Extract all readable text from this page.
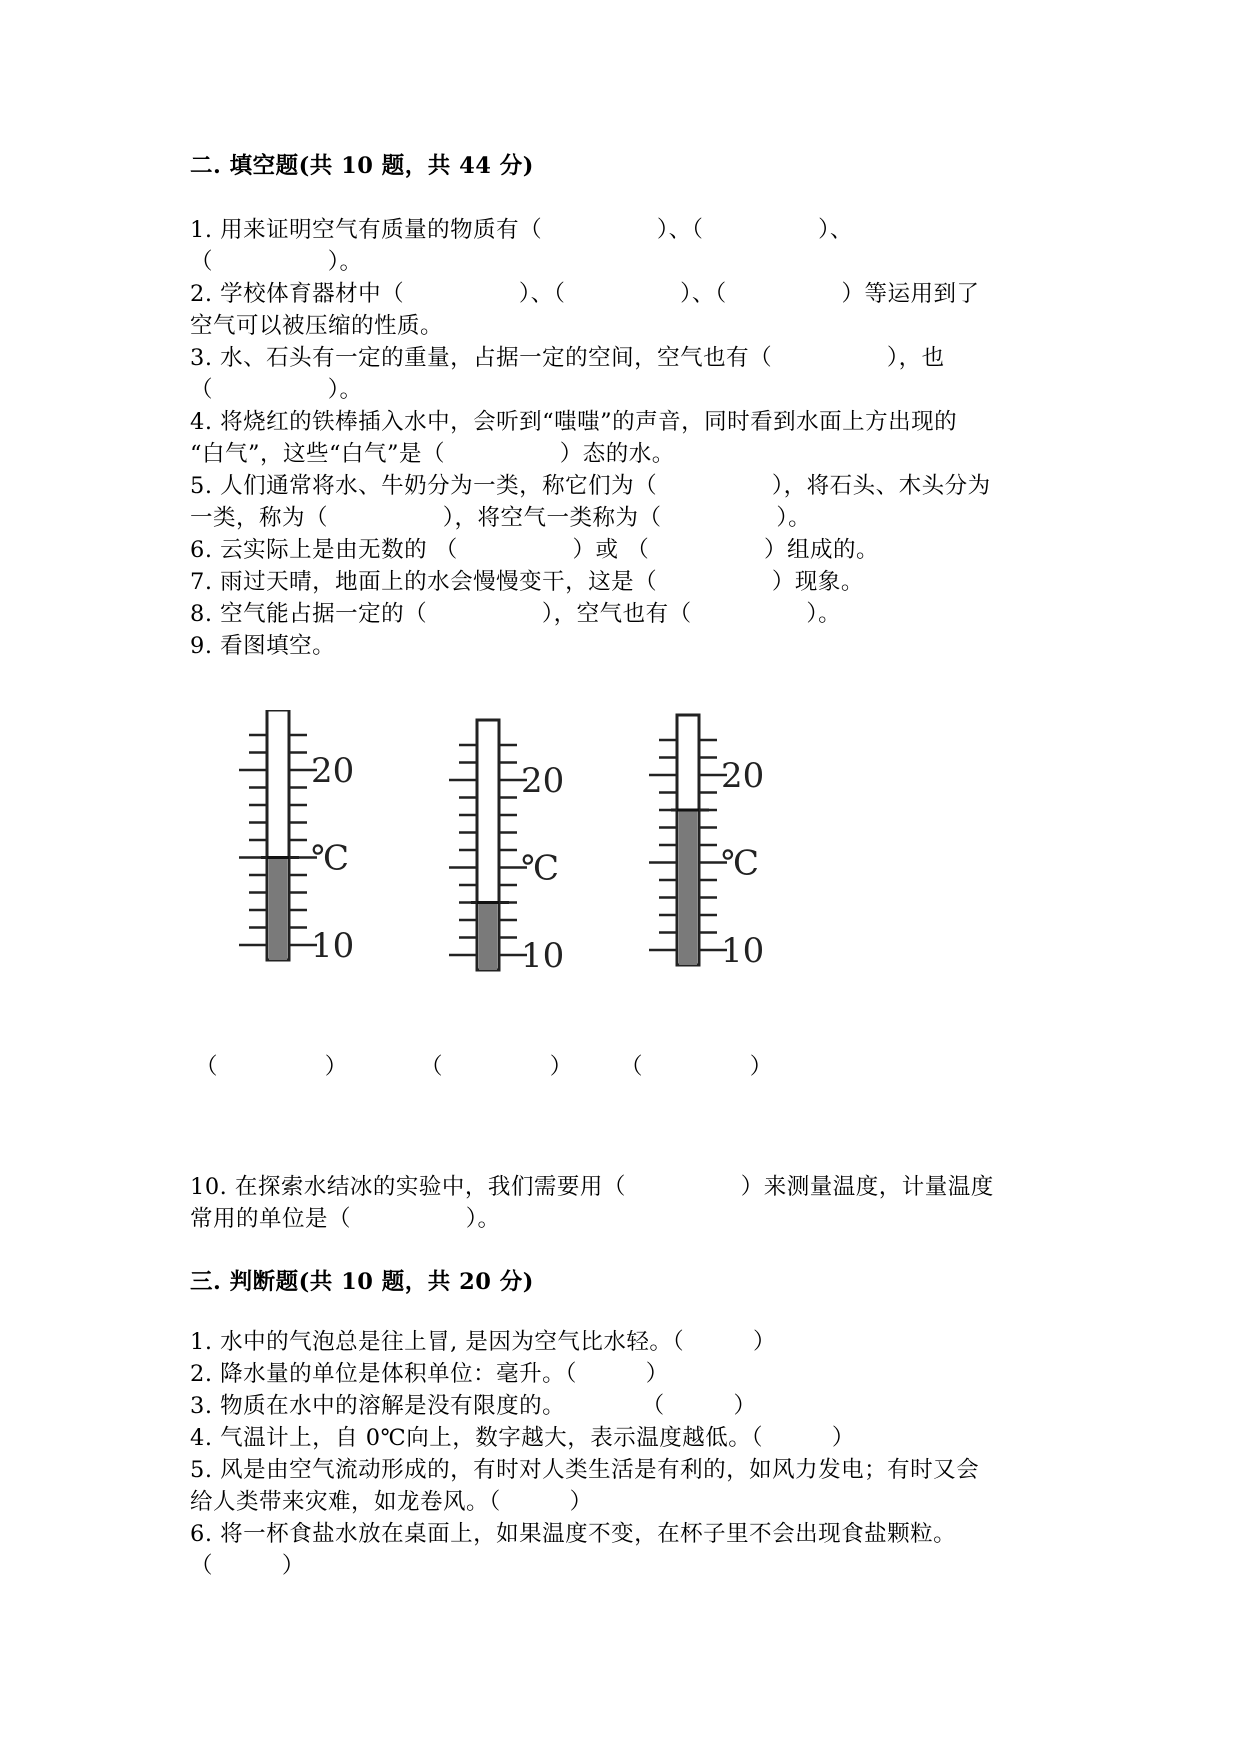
二. 填空题(共 10 题，共 44 分)
1. 用来证明空气有质量的物质有（               ）、（               ）、
（               ）。
2. 学校体育器材中（               ）、（               ）、（               ）等运用到了
空气可以被压缩的性质。
3. 水、石头有一定的重量，占据一定的空间，空气也有（               ），也
（               ）。
4. 将烧红的铁棒插入水中，会听到“嗤嗤”的声音，同时看到水面上方出现的
“白气”，这些“白气”是（               ）态的水。
5. 人们通常将水、牛奶分为一类，称它们为（               ），将石头、木头分为
一类，称为（               ），将空气一类称为（               ）。
6. 云实际上是由无数的 （               ）或 （               ）组成的。
7. 雨过天晴，地面上的水会慢慢变干，这是（               ）现象。
8. 空气能占据一定的（               ），空气也有（               ）。
9. 看图填空。
20
℃
10
20
℃
10
20
℃
10
（               ）	（               ） （               ）
10. 在探索水结冰的实验中，我们需要用（               ）来测量温度，计量温度
常用的单位是（               ）。
三. 判断题(共 10 题，共 20 分)
1. 水中的气泡总是往上冒, 是因为空气比水轻。（         ）
2. 降水量的单位是体积单位：毫升。（         ）
3. 物质在水中的溶解是没有限度的。          （         ）
4. 气温计上，自 0℃向上，数字越大，表示温度越低。（         ）
5. 风是由空气流动形成的，有时对人类生活是有利的，如风力发电；有时又会
给人类带来灾难，如龙卷风。（         ）
6. 将一杯食盐水放在桌面上，如果温度不变，在杯子里不会出现食盐颗粒。
（         ）
